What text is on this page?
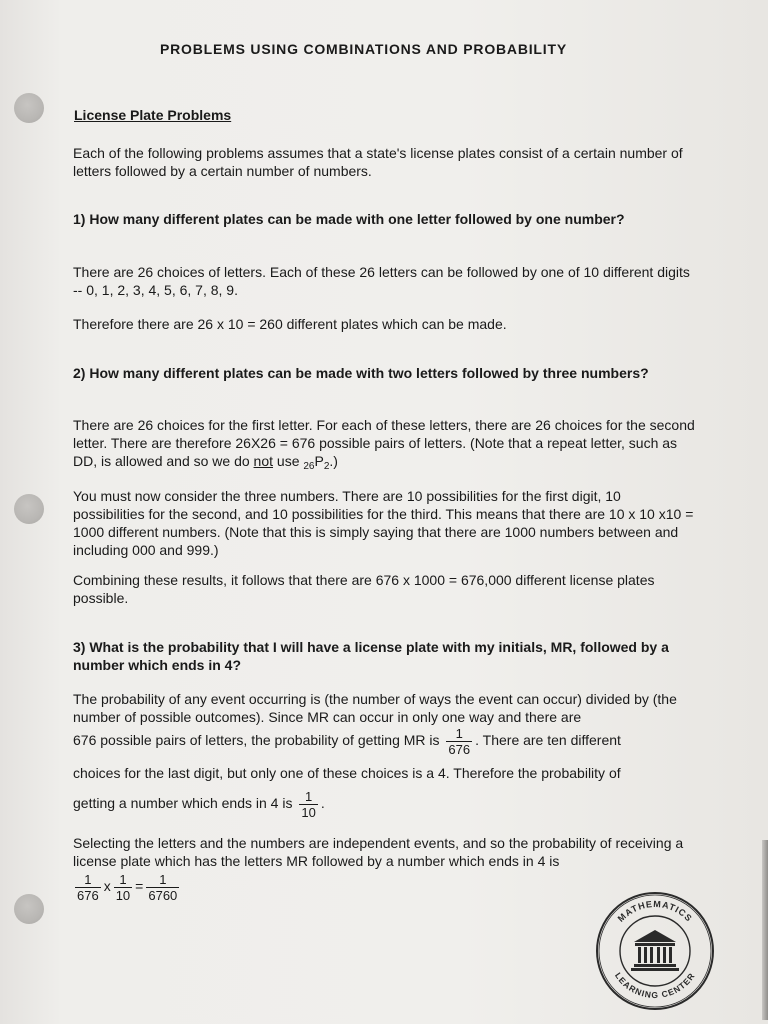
PROBLEMS USING COMBINATIONS AND PROBABILITY
License Plate Problems

Each of the following problems assumes that a state's license plates consist of a certain number of letters followed by a certain number of numbers.

1) How many different plates can be made with one letter followed by one number?

There are 26 choices of letters. Each of these 26 letters can be followed by one of 10 different digits -- 0, 1, 2, 3, 4, 5, 6, 7, 8, 9.

Therefore there are 26 x 10 = 260 different plates which can be made.

2) How many different plates can be made with two letters followed by three numbers?

There are 26 choices for the first letter. For each of these letters, there are 26 choices for the second letter. There are therefore 26X26 = 676 possible pairs of letters. (Note that a repeat letter, such as DD, is allowed and so we do not use $_{26}P_2$.)

You must now consider the three numbers. There are 10 possibilities for the first digit, 10 possibilities for the second, and 10 possibilities for the third. This means that there are 10 x 10 x10 = 1000 different numbers. (Note that this is simply saying that there are 1000 numbers between and including 000 and 999.)

Combining these results, it follows that there are 676 x 1000 = 676,000 different license plates possible.

3) What is the probability that I will have a license plate with my initials, MR, followed by a number which ends in 4?

The probability of any event occurring is (the number of ways the event can occur) divided by (the number of possible outcomes). Since MR can occur in only one way and there are

676 possible pairs of letters, the probability of getting MR is $\frac{1}{676}$ . There are ten different
choices for the last digit, but only one of these choices is a 4. Therefore the probability of
getting a number which ends in 4 is $\frac{1}{10}$ .

Selecting the letters and the numbers are independent events, and so the probability of receiving a license plate which has the letters MR followed by a number which ends in 4 is

$\frac{1}{676}$ x $\frac{1}{10} = \frac{1}{6760}$
MATHEMATICS
LEARNING CENTER
